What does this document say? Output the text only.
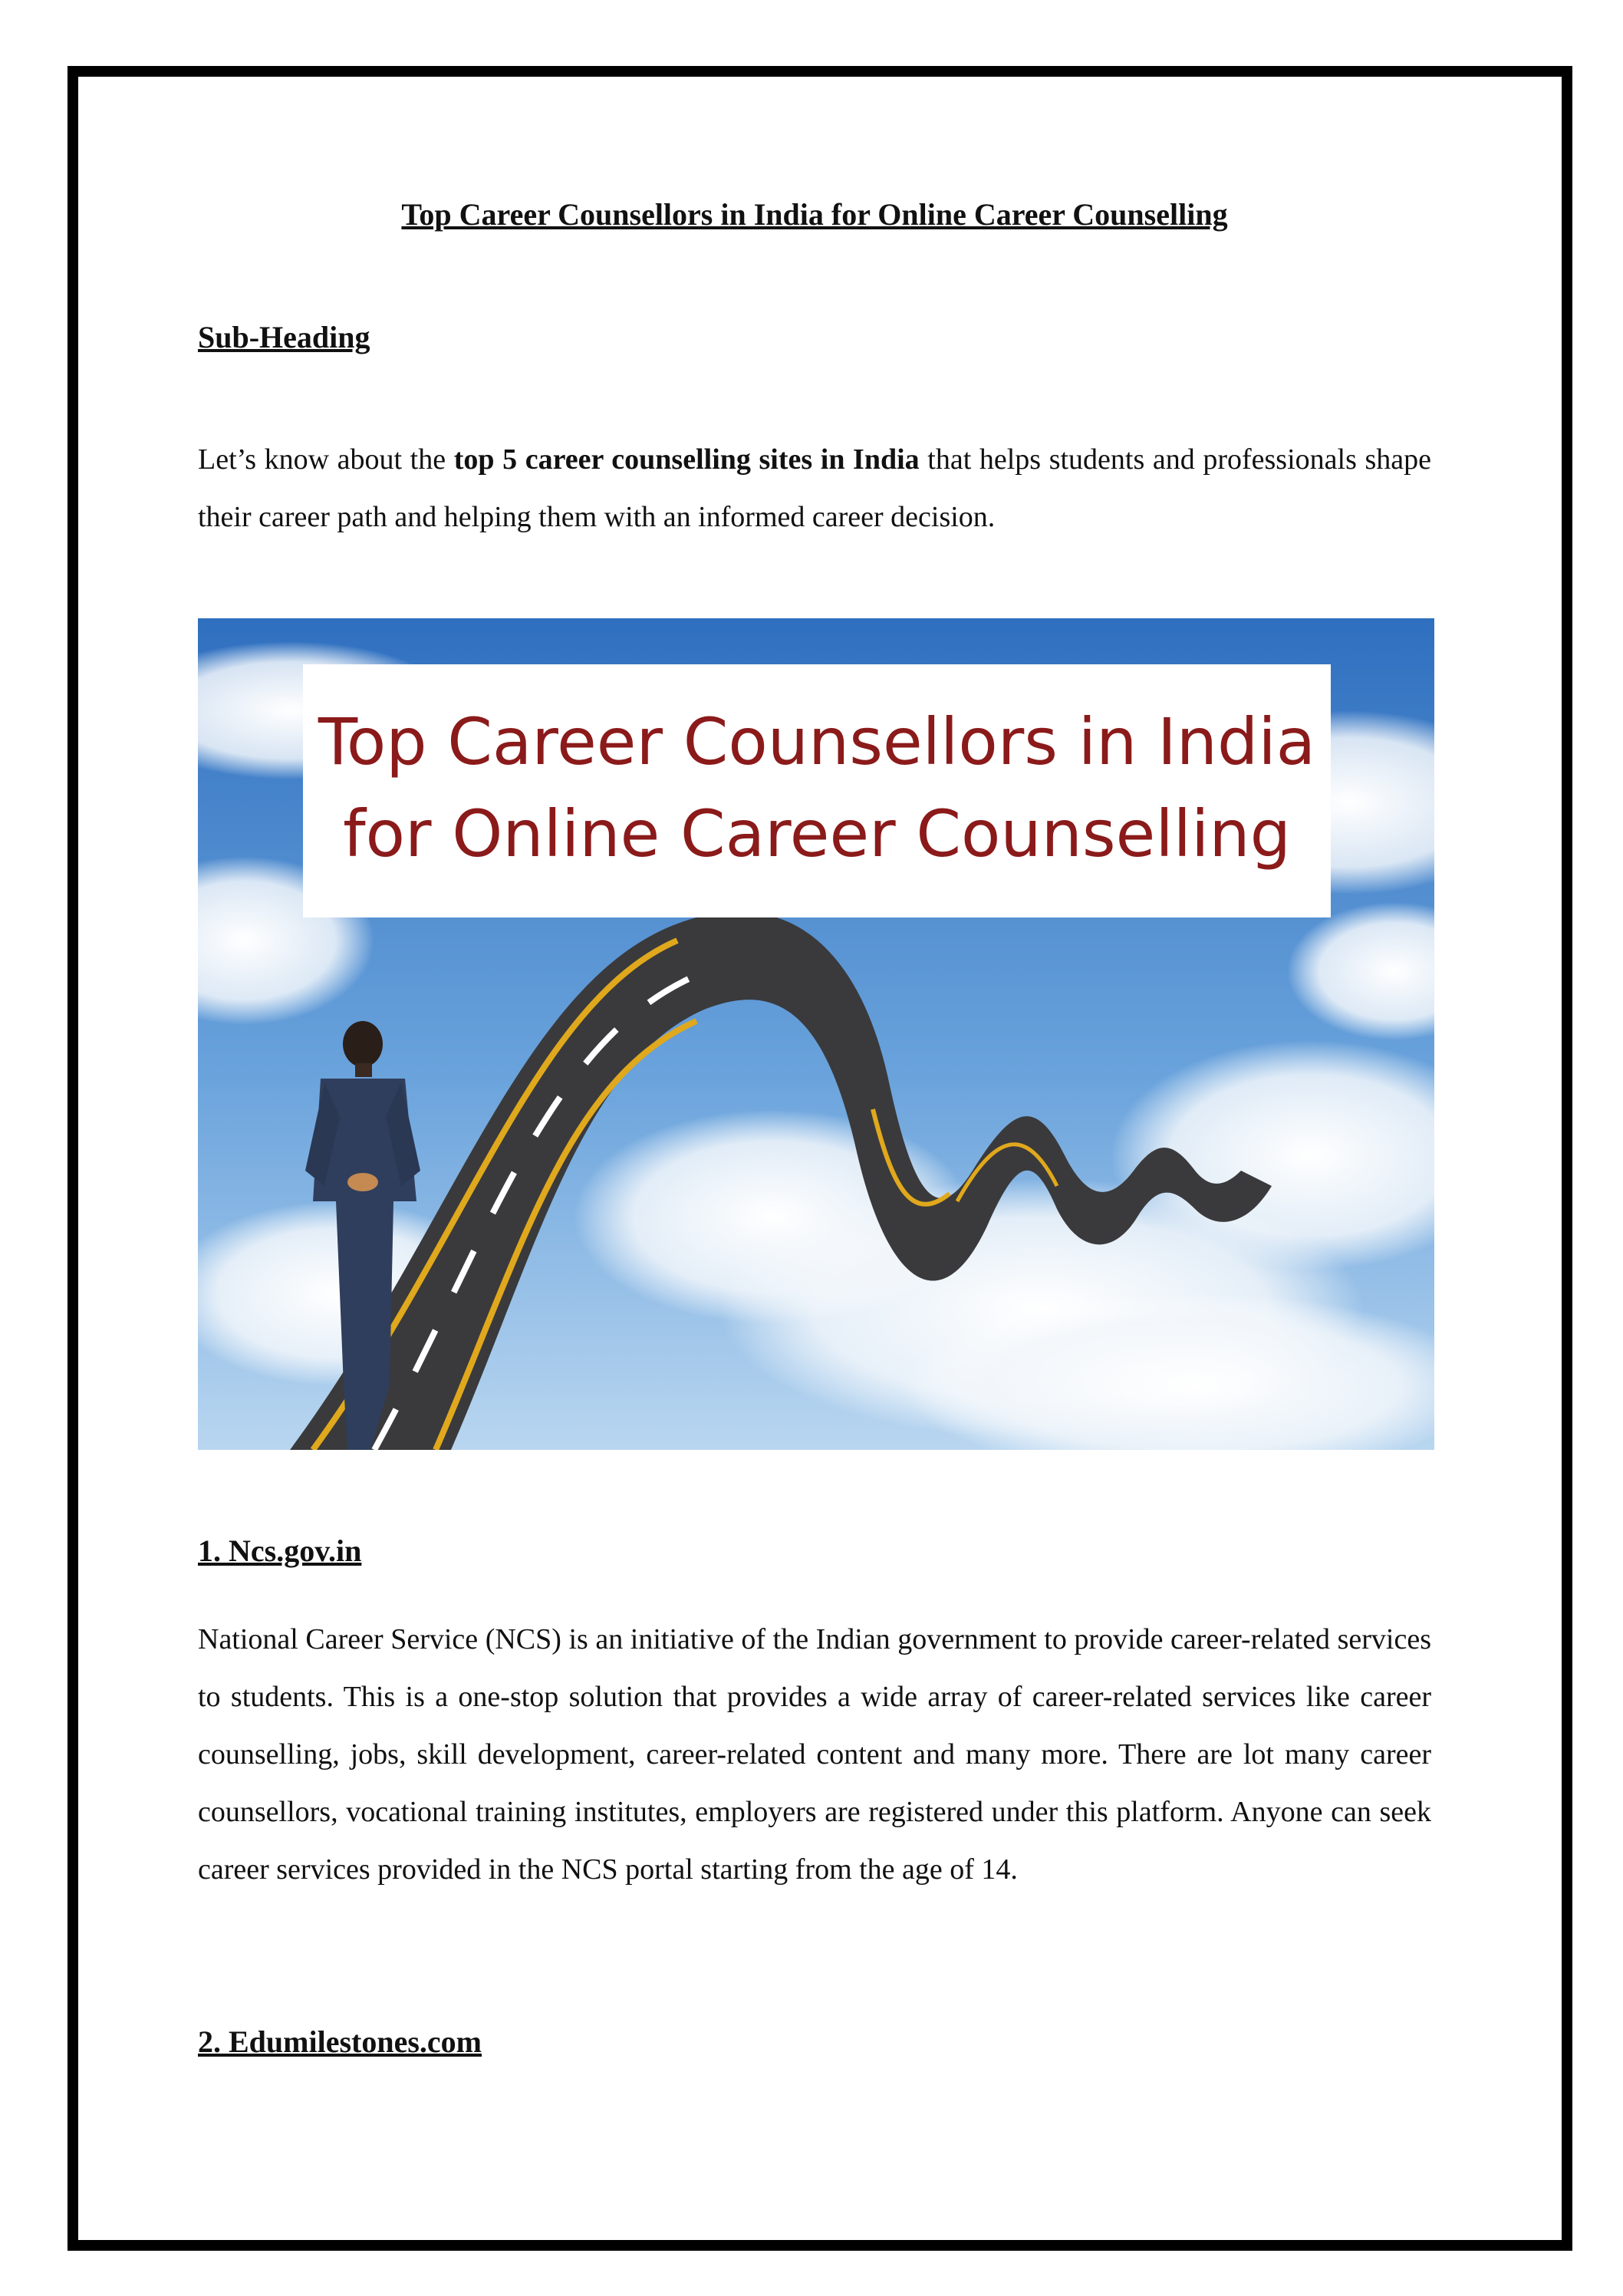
Top Career Counsellors in India for Online Career Counselling
Sub-Heading
Let’s know about the top 5 career counselling sites in India that helps students and professionals shape their career path and helping them with an informed career decision.
1. Ncs.gov.in
National Career Service (NCS) is an initiative of the Indian government to provide career-related services to students. This is a one-stop solution that provides a wide array of career-related services like career counselling, jobs, skill development, career-related content and many more. There are lot many career counsellors, vocational training institutes, employers are registered under this platform. Anyone can seek career services provided in the NCS portal starting from the age of 14.
2. Edumilestones.com
Top Career Counsellors in India
for Online Career Counselling
